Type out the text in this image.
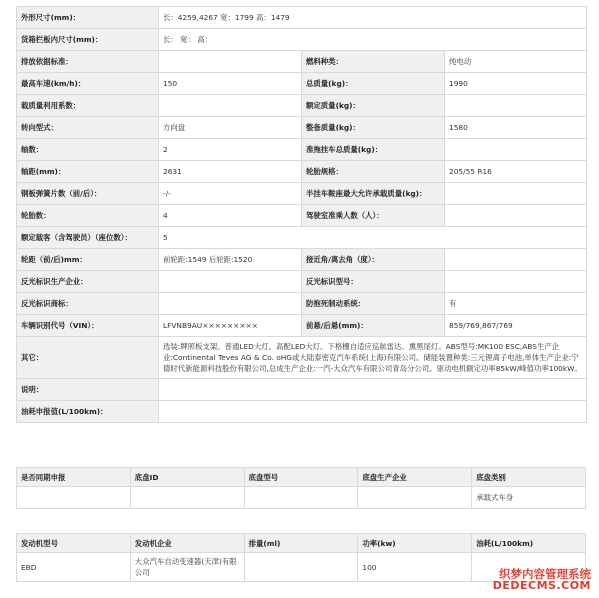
外形尺寸(mm)：	长：4259,4267 宽：1799 高：1479		
货箱栏板内尺寸(mm)：	长： 宽： 高：		
排放依据标准：		燃料种类：	纯电动
最高车速(km/h)：	150	总质量(kg)：	1990
载质量利用系数：		额定质量(kg)：	
转向型式：	方向盘	整备质量(kg)：	1580
轴数：	2	准拖挂车总质量(kg)：	
轴距(mm)：	2631	轮胎规格：	205/55 R16
钢板弹簧片数（前/后）：	-/-	半挂车鞍座最大允许承载质量(kg)：	
轮胎数：	4	驾驶室准乘人数（人）：	
额定载客（含驾驶员）（座位数）：	5		
轮距（前/后)mm：	前轮距:1549 后轮距:1520	接近角/离去角（度）：	
反光标识生产企业：		反光标识型号：	
反光标识商标：		防抱死制动系统：	有
车辆识别代号（VIN）：	LFVNB9AU×××××××××	前悬/后悬(mm)：	859/769,867/769
其它：	选装:牌照板支架。普通LED大灯。高配LED大灯。下格栅自适应巡航雷达。熏黑尾灯。ABS型号:MK100 ESC,ABS生产企业:Continental Teves AG & Co. oHG或大陆泰密克汽车系统(上海)有限公司。储能装置种类:三元锂离子电池,单体生产企业:宁德时代新能源科技股份有限公司,总成生产企业:一汽-大众汽车有限公司青岛分公司。驱动电机额定功率85kW/峰值功率100kW。		
说明：			
油耗申报值(L/100km)：			
是否同期申报	底盘ID	底盘型号	底盘生产企业	底盘类别
				承载式车身
发动机型号	发动机企业	排量(ml)	功率(kw)	油耗(L/100km)
EBD	大众汽车自动变速器(天津)有限公司		100	
织梦内容管理系统
DEDECMS.COM
